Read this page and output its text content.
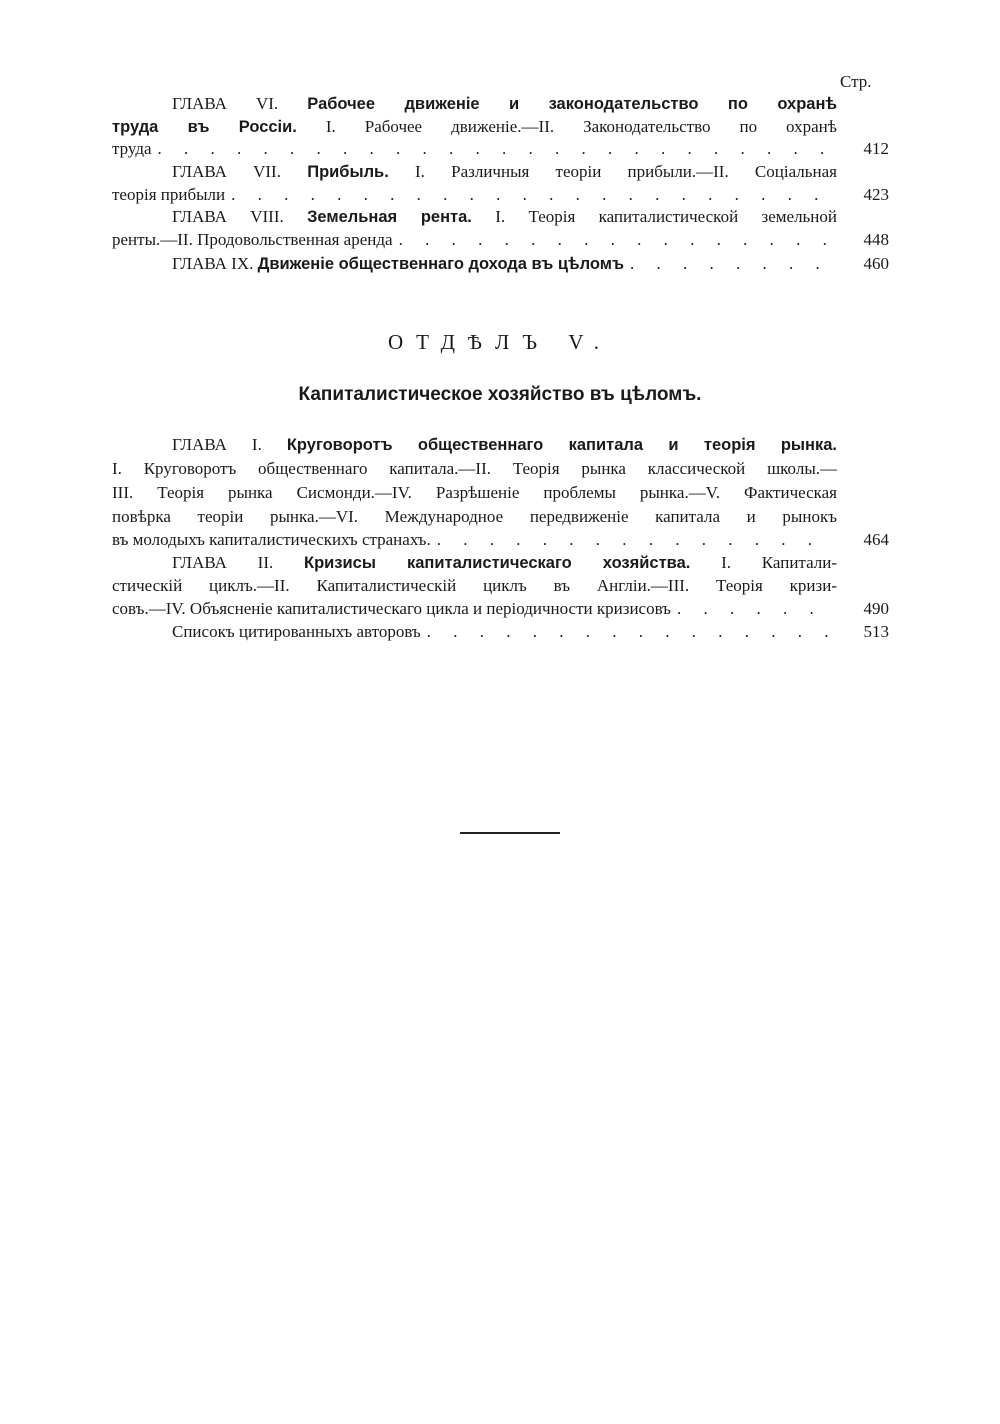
Стр.
ГЛАВА VI. Рабочее движеніе и законодательство по охранѣ
труда въ Россіи. I. Рабочее движеніе.—II. Законодательство по охранѣ
труда . . .	412
ГЛАВА VII. Прибыль. I. Различныя теоріи прибыли.—II. Соціальная
теорія прибыли . . .	423
ГЛАВА VIII. Земельная рента. I. Теорія капиталистической земельной
ренты.—II. Продовольственная аренда . . .	448
ГЛАВА IX.
Движеніе общественнаго дохода въ цѣломъ . . .	460
ОТДѢЛЪ V.
Капиталистическое хозяйство въ цѣломъ.
ГЛАВА I. Круговоротъ общественнаго капитала и теорія рынка.
I. Круговоротъ общественнаго капитала.—II. Теорія рынка классической школы.—
III. Теорія рынка Сисмонди.—IV. Разрѣшеніе проблемы рынка.—V. Фактическая
повѣрка теоріи рынка.—VI. Международное передвиженіе капитала и рынокъ
въ молодыхъ капиталистическихъ странахъ. . . .	464
ГЛАВА II. Кризисы капиталистическаго хозяйства. I. Капитали-
стическій циклъ.—II. Капиталистическій циклъ въ Англіи.—III. Теорія кризи-
совъ.—IV. Объясненіе капиталистическаго цикла и періодичности кризисовъ . . .	490
Списокъ цитированныхъ авторовъ . . .	513
